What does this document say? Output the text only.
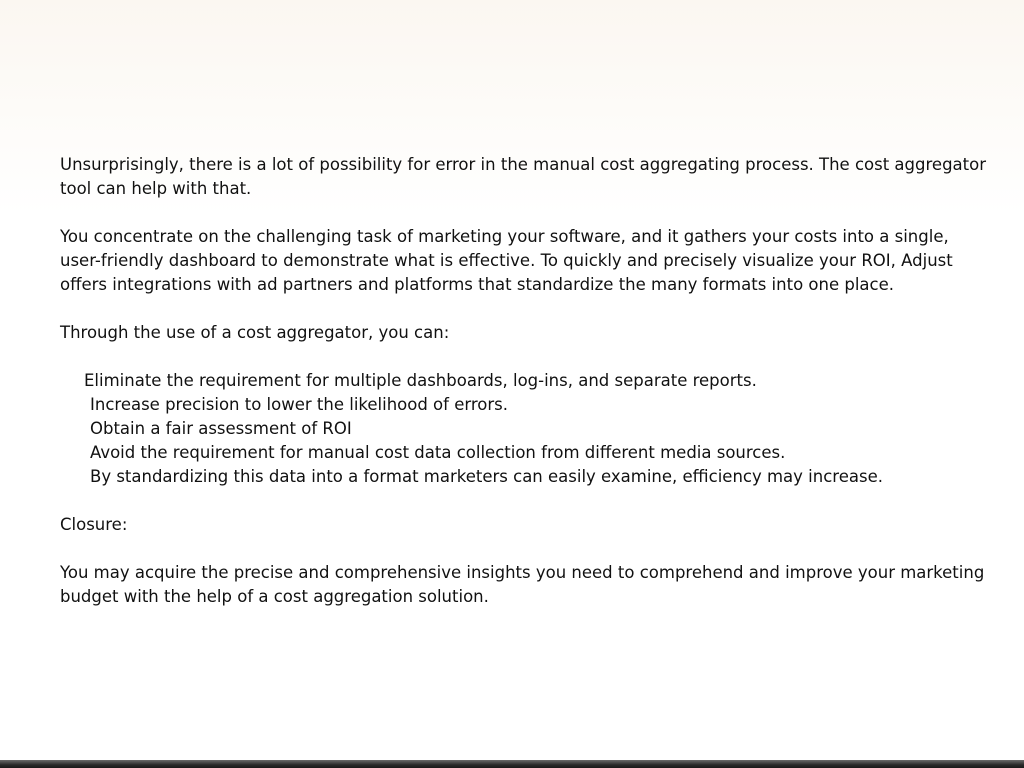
Unsurprisingly, there is a lot of possibility for error in the manual cost aggregating process. The cost aggregator tool can help with that.

You concentrate on the challenging task of marketing your software, and it gathers your costs into a single, user-friendly dashboard to demonstrate what is effective. To quickly and precisely visualize your ROI, Adjust offers integrations with ad partners and platforms that standardize the many formats into one place.

Through the use of a cost aggregator, you can:

Eliminate the requirement for multiple dashboards, log-ins, and separate reports.
Increase precision to lower the likelihood of errors.
Obtain a fair assessment of ROI
Avoid the requirement for manual cost data collection from different media sources.
By standardizing this data into a format marketers can easily examine, efficiency may increase.

Closure:

You may acquire the precise and comprehensive insights you need to comprehend and improve your marketing budget with the help of a cost aggregation solution.
